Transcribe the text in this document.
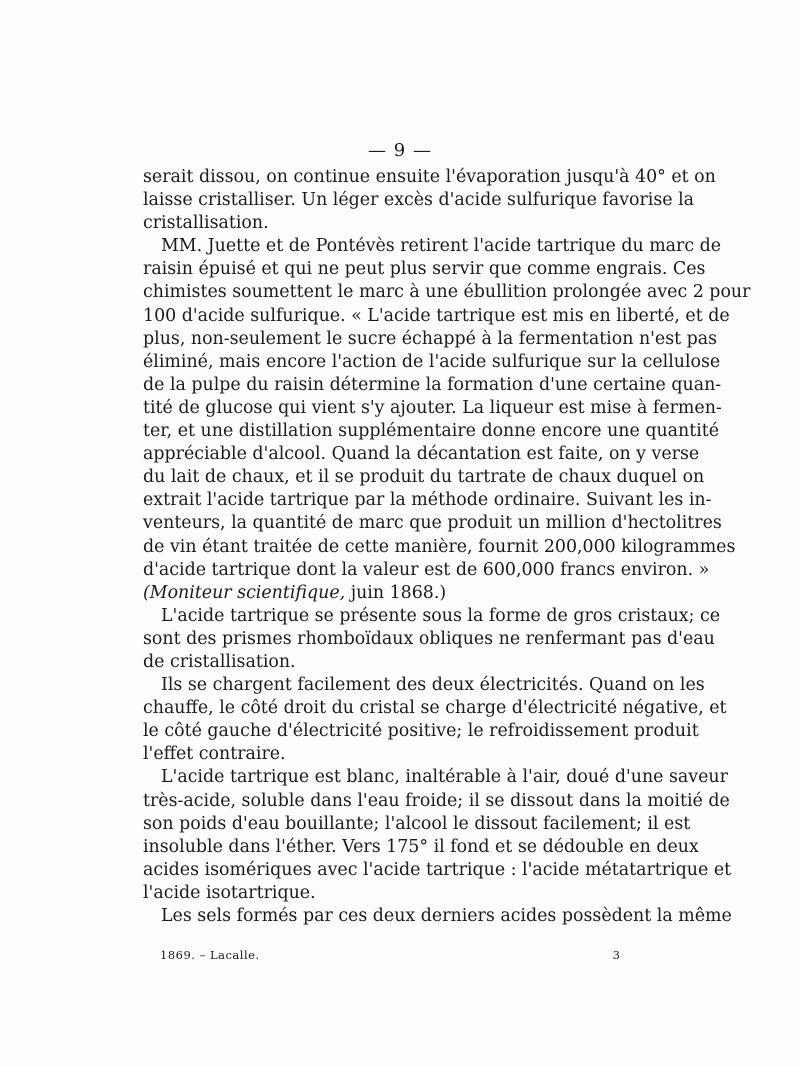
— 9 —
serait dissou, on continue ensuite l'évaporation jusqu'à 40° et on
laisse cristalliser. Un léger excès d'acide sulfurique favorise la
cristallisation.
MM. Juette et de Pontévès retirent l'acide tartrique du marc de
raisin épuisé et qui ne peut plus servir que comme engrais. Ces
chimistes soumettent le marc à une ébullition prolongée avec 2 pour
100 d'acide sulfurique. « L'acide tartrique est mis en liberté, et de
plus, non-seulement le sucre échappé à la fermentation n'est pas
éliminé, mais encore l'action de l'acide sulfurique sur la cellulose
de la pulpe du raisin détermine la formation d'une certaine quan-
tité de glucose qui vient s'y ajouter. La liqueur est mise à fermen-
ter, et une distillation supplémentaire donne encore une quantité
appréciable d'alcool. Quand la décantation est faite, on y verse
du lait de chaux, et il se produit du tartrate de chaux duquel on
extrait l'acide tartrique par la méthode ordinaire. Suivant les in-
venteurs, la quantité de marc que produit un million d'hectolitres
de vin étant traitée de cette manière, fournit 200,000 kilogrammes
d'acide tartrique dont la valeur est de 600,000 francs environ. »
(Moniteur scientifique, juin 1868.)
L'acide tartrique se présente sous la forme de gros cristaux; ce
sont des prismes rhomboïdaux obliques ne renfermant pas d'eau
de cristallisation.
Ils se chargent facilement des deux électricités. Quand on les
chauffe, le côté droit du cristal se charge d'électricité négative, et
le côté gauche d'électricité positive; le refroidissement produit
l'effet contraire.
L'acide tartrique est blanc, inaltérable à l'air, doué d'une saveur
très-acide, soluble dans l'eau froide; il se dissout dans la moitié de
son poids d'eau bouillante; l'alcool le dissout facilement; il est
insoluble dans l'éther. Vers 175° il fond et se dédouble en deux
acides isomériques avec l'acide tartrique : l'acide métatartrique et
l'acide isotartrique.
Les sels formés par ces deux derniers acides possèdent la même
1869. – Lacalle.	3
